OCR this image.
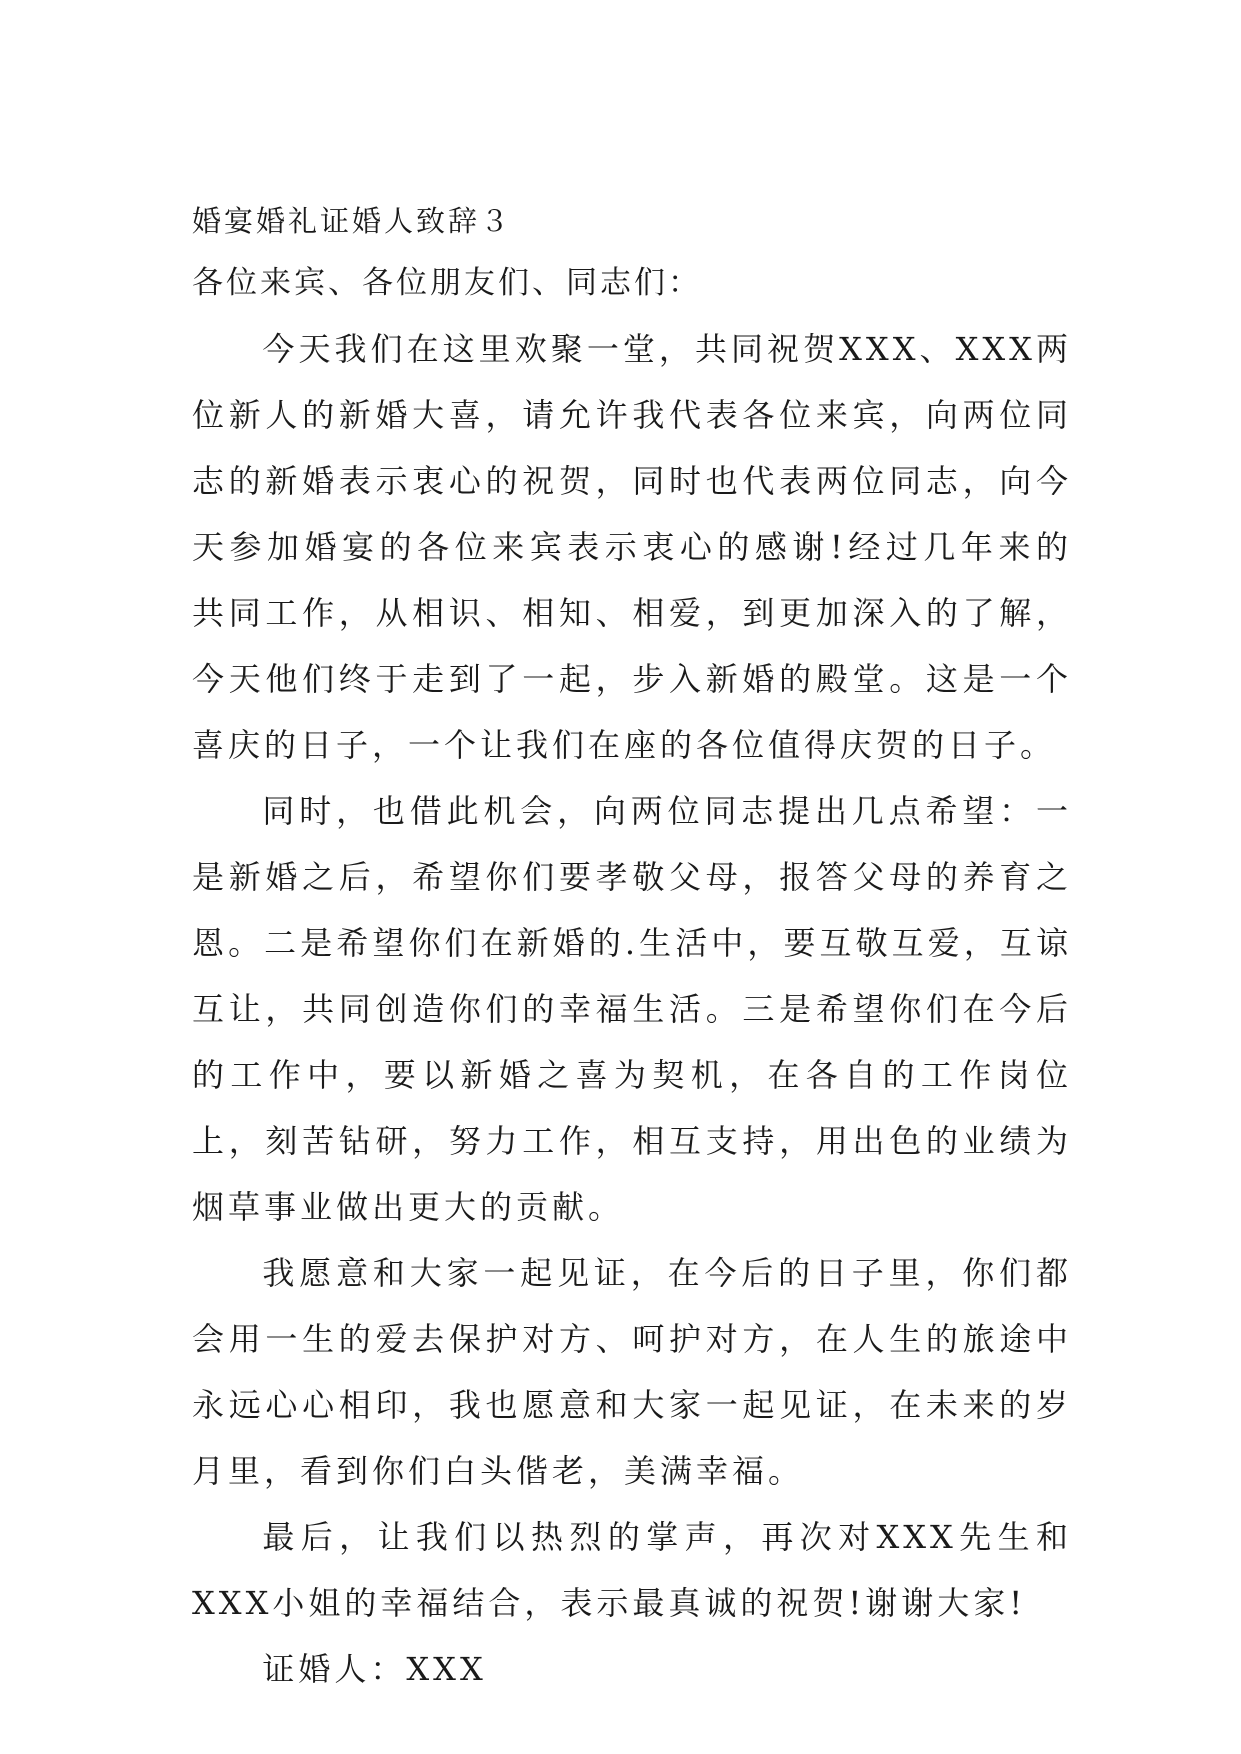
婚宴婚礼证婚人致辞３

各位来宾、各位朋友们、同志们：

今天我们在这里欢聚一堂，共同祝贺XXX、XXX两位新人的新婚大喜，请允许我代表各位来宾，向两位同志的新婚表示衷心的祝贺，同时也代表两位同志，向今天参加婚宴的各位来宾表示衷心的感谢!经过几年来的共同工作，从相识、相知、相爱，到更加深入的了解，今天他们终于走到了一起，步入新婚的殿堂。这是一个喜庆的日子，一个让我们在座的各位值得庆贺的日子。

同时，也借此机会，向两位同志提出几点希望：一是新婚之后，希望你们要孝敬父母，报答父母的养育之恩。二是希望你们在新婚的.生活中，要互敬互爱，互谅互让，共同创造你们的幸福生活。三是希望你们在今后的工作中，要以新婚之喜为契机，在各自的工作岗位上，刻苦钻研，努力工作，相互支持，用出色的业绩为烟草事业做出更大的贡献。

我愿意和大家一起见证，在今后的日子里，你们都会用一生的爱去保护对方、呵护对方，在人生的旅途中永远心心相印，我也愿意和大家一起见证，在未来的岁月里，看到你们白头偕老，美满幸福。

最后，让我们以热烈的掌声，再次对XXX先生和XXX小姐的幸福结合，表示最真诚的祝贺!谢谢大家!

证婚人：XXX
